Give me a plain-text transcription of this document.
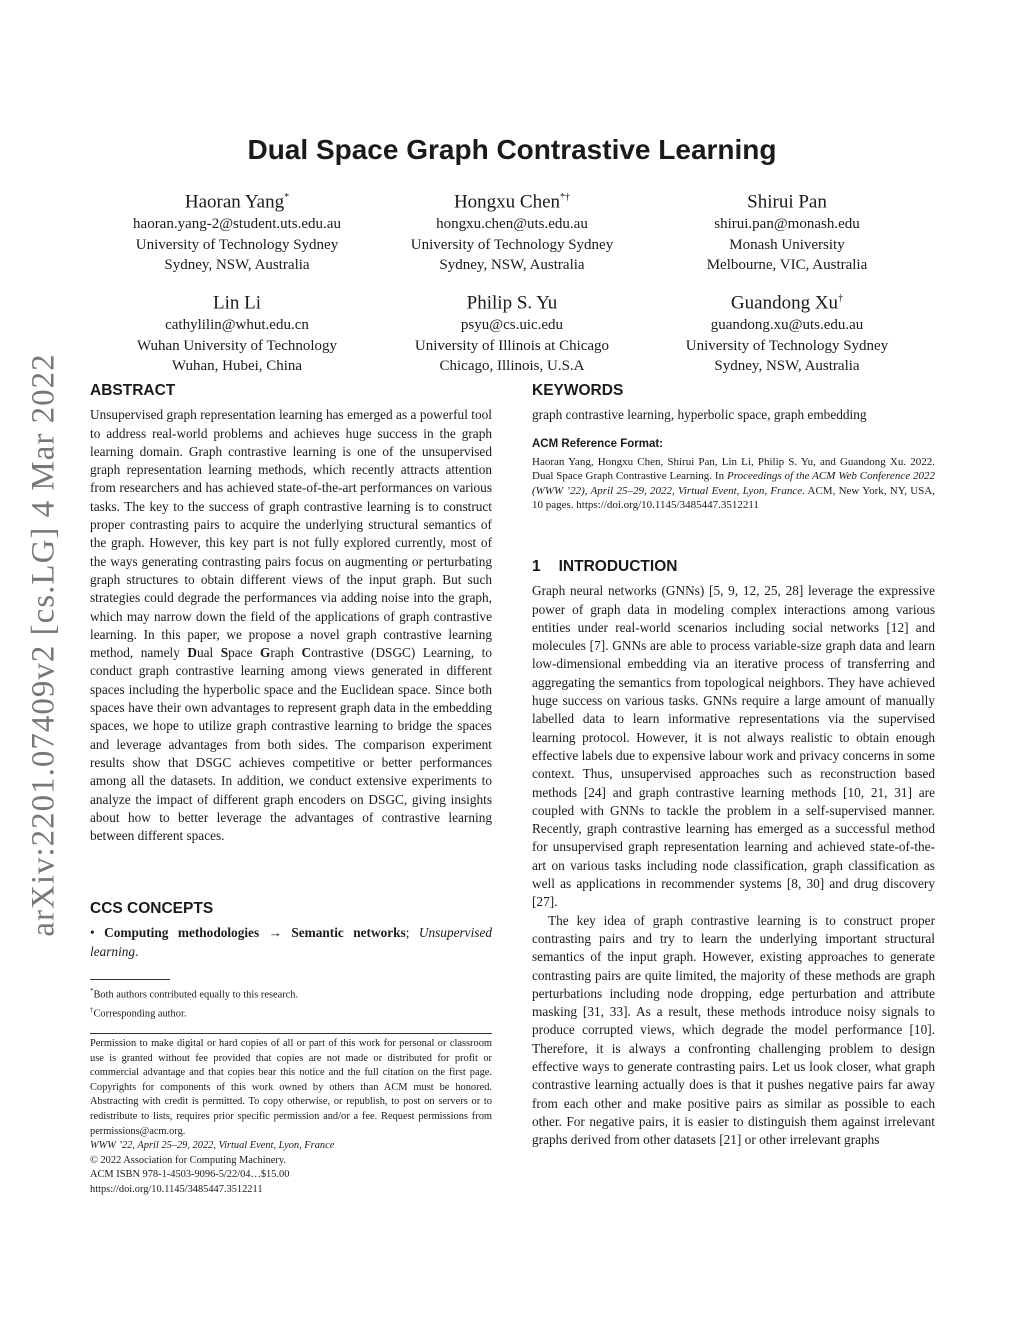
arXiv:2201.07409v2 [cs.LG] 4 Mar 2022
Dual Space Graph Contrastive Learning
Haoran Yang*
haoran.yang-2@student.uts.edu.au
University of Technology Sydney
Sydney, NSW, Australia
Hongxu Chen*†
hongxu.chen@uts.edu.au
University of Technology Sydney
Sydney, NSW, Australia
Shirui Pan
shirui.pan@monash.edu
Monash University
Melbourne, VIC, Australia
Lin Li
cathylilin@whut.edu.cn
Wuhan University of Technology
Wuhan, Hubei, China
Philip S. Yu
psyu@cs.uic.edu
University of Illinois at Chicago
Chicago, Illinois, U.S.A
Guandong Xu†
guandong.xu@uts.edu.au
University of Technology Sydney
Sydney, NSW, Australia
ABSTRACT

Unsupervised graph representation learning has emerged as a powerful tool to address real-world problems and achieves huge success in the graph learning domain. Graph contrastive learning is one of the unsupervised graph representation learning methods, which recently attracts attention from researchers and has achieved state-of-the-art performances on various tasks. The key to the success of graph contrastive learning is to construct proper contrasting pairs to acquire the underlying structural semantics of the graph. However, this key part is not fully explored currently, most of the ways generating contrasting pairs focus on augmenting or perturbating graph structures to obtain different views of the input graph. But such strategies could degrade the performances via adding noise into the graph, which may narrow down the field of the applications of graph contrastive learning. In this paper, we propose a novel graph contrastive learning method, namely Dual Space Graph Contrastive (DSGC) Learning, to conduct graph contrastive learning among views generated in different spaces including the hyperbolic space and the Euclidean space. Since both spaces have their own advantages to represent graph data in the embedding spaces, we hope to utilize graph contrastive learning to bridge the spaces and leverage advantages from both sides. The comparison experiment results show that DSGC achieves competitive or better performances among all the datasets. In addition, we conduct extensive experiments to analyze the impact of different graph encoders on DSGC, giving insights about how to better leverage the advantages of contrastive learning between different spaces.

CCS CONCEPTS

• Computing methodologies → Semantic networks; Unsupervised learning.

*Both authors contributed equally to this research.
†Corresponding author.

Permission to make digital or hard copies of all or part of this work for personal or classroom use is granted without fee provided that copies are not made or distributed for profit or commercial advantage and that copies bear this notice and the full citation on the first page. Copyrights for components of this work owned by others than ACM must be honored. Abstracting with credit is permitted. To copy otherwise, or republish, to post on servers or to redistribute to lists, requires prior specific permission and/or a fee. Request permissions from permissions@acm.org.

WWW ’22, April 25–29, 2022, Virtual Event, Lyon, France
© 2022 Association for Computing Machinery.
ACM ISBN 978-1-4503-9096-5/22/04…$15.00
https://doi.org/10.1145/3485447.3512211
KEYWORDS

graph contrastive learning, hyperbolic space, graph embedding

ACM Reference Format:

Haoran Yang, Hongxu Chen, Shirui Pan, Lin Li, Philip S. Yu, and Guandong Xu. 2022. Dual Space Graph Contrastive Learning. In Proceedings of the ACM Web Conference 2022 (WWW ’22), April 25–29, 2022, Virtual Event, Lyon, France. ACM, New York, NY, USA, 10 pages. https://doi.org/10.1145/3485447.3512211

1 INTRODUCTION

Graph neural networks (GNNs) [5, 9, 12, 25, 28] leverage the expressive power of graph data in modeling complex interactions among various entities under real-world scenarios including social networks [12] and molecules [7]. GNNs are able to process variable-size graph data and learn low-dimensional embedding via an iterative process of transferring and aggregating the semantics from topological neighbors. They have achieved huge success on various tasks. GNNs require a large amount of manually labelled data to learn informative representations via the supervised learning protocol. However, it is not always realistic to obtain enough effective labels due to expensive labour work and privacy concerns in some context. Thus, unsupervised approaches such as reconstruction based methods [24] and graph contrastive learning methods [10, 21, 31] are coupled with GNNs to tackle the problem in a self-supervised manner. Recently, graph contrastive learning has emerged as a successful method for unsupervised graph representation learning and achieved state-of-the-art on various tasks including node classification, graph classification as well as applications in recommender systems [8, 30] and drug discovery [27].

The key idea of graph contrastive learning is to construct proper contrasting pairs and try to learn the underlying important structural semantics of the input graph. However, existing approaches to generate contrasting pairs are quite limited, the majority of these methods are graph perturbations including node dropping, edge perturbation and attribute masking [31, 33]. As a result, these methods introduce noisy signals to produce corrupted views, which degrade the model performance [10]. Therefore, it is always a confronting challenging problem to design effective ways to generate contrasting pairs. Let us look closer, what graph contrastive learning actually does is that it pushes negative pairs far away from each other and make positive pairs as similar as possible to each other. For negative pairs, it is easier to distinguish them against irrelevant graphs derived from other datasets [21] or other irrelevant graphs
